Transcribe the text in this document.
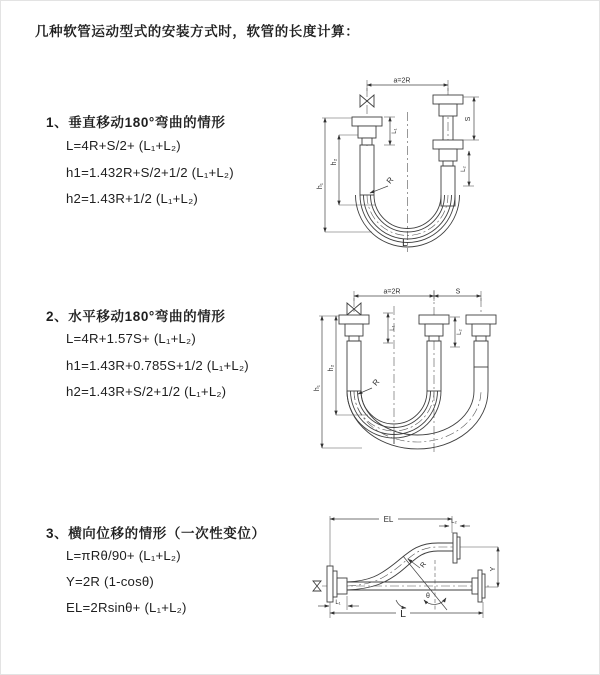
几种软管运动型式的安装方式时，软管的长度计算：
1、垂直移动180°弯曲的情形
L=4R+S/2+ (L₁+L₂)
h1=1.432R+S/2+1/2 (L₁+L₂)
h2=1.43R+1/2 (L₁+L₂)
2、水平移动180°弯曲的情形
L=4R+1.57S+ (L₁+L₂)
h1=1.43R+0.785S+1/2 (L₁+L₂)
h2=1.43R+S/2+1/2 (L₁+L₂)
3、横向位移的情形（一次性变位）
L=πRθ/90+ (L₁+L₂)
Y=2R (1-cosθ)
EL=2Rsinθ+ (L₁+L₂)
a=2R
h₁
h₂
L₁
S
L₂
R
L
a=2R	S
L₁
L₂
h₁
h₂
R
EL	L₂
Y
R
θ
L₁
L
